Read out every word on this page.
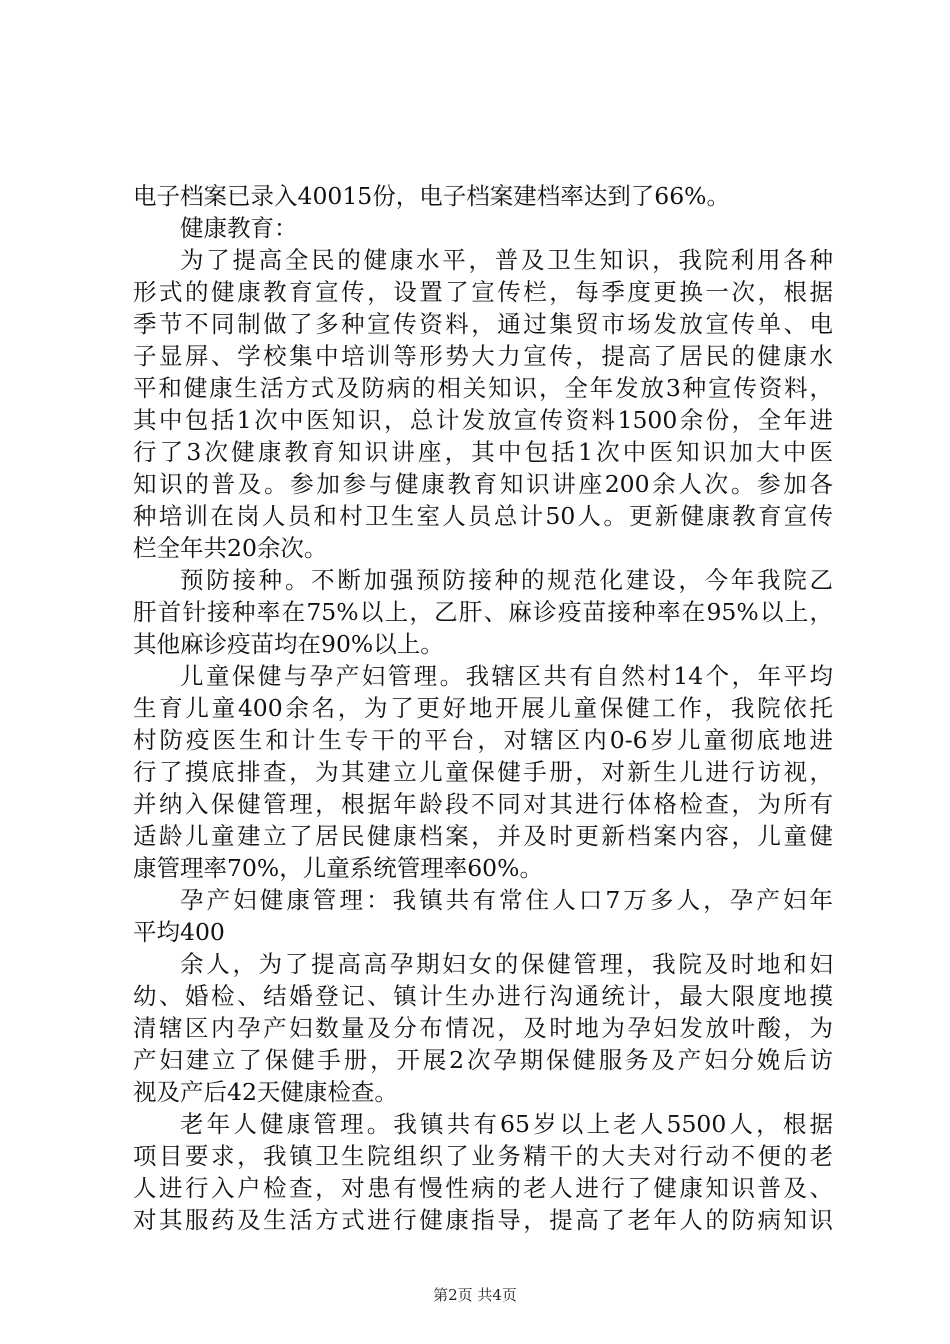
电子档案已录入40015份，电子档案建档率达到了66%。
健康教育：
为了提高全民的健康水平，普及卫生知识，我院利用各种
形式的健康教育宣传，设置了宣传栏，每季度更换一次，根据
季节不同制做了多种宣传资料，通过集贸市场发放宣传单、电
子显屏、学校集中培训等形势大力宣传，提高了居民的健康水
平和健康生活方式及防病的相关知识，全年发放3种宣传资料，
其中包括1次中医知识，总计发放宣传资料1500余份，全年进
行了3次健康教育知识讲座，其中包括1次中医知识加大中医
知识的普及。参加参与健康教育知识讲座200余人次。参加各
种培训在岗人员和村卫生室人员总计50人。更新健康教育宣传
栏全年共20余次。
预防接种。不断加强预防接种的规范化建设，今年我院乙
肝首针接种率在75%以上，乙肝、麻诊疫苗接种率在95%以上，
其他麻诊疫苗均在90%以上。
儿童保健与孕产妇管理。我辖区共有自然村14个，年平均
生育儿童400余名，为了更好地开展儿童保健工作，我院依托
村防疫医生和计生专干的平台，对辖区内0-6岁儿童彻底地进
行了摸底排查，为其建立儿童保健手册，对新生儿进行访视，
并纳入保健管理，根据年龄段不同对其进行体格检查，为所有
适龄儿童建立了居民健康档案，并及时更新档案内容，儿童健
康管理率70%，儿童系统管理率60%。
孕产妇健康管理：我镇共有常住人口7万多人，孕产妇年
平均400
余人，为了提高高孕期妇女的保健管理，我院及时地和妇
幼、婚检、结婚登记、镇计生办进行沟通统计，最大限度地摸
清辖区内孕产妇数量及分布情况，及时地为孕妇发放叶酸，为
产妇建立了保健手册，开展2次孕期保健服务及产妇分娩后访
视及产后42天健康检查。
老年人健康管理。我镇共有65岁以上老人5500人，根据
项目要求，我镇卫生院组织了业务精干的大夫对行动不便的老
人进行入户检查，对患有慢性病的老人进行了健康知识普及、
对其服药及生活方式进行健康指导，提高了老年人的防病知识
第2页 共4页
